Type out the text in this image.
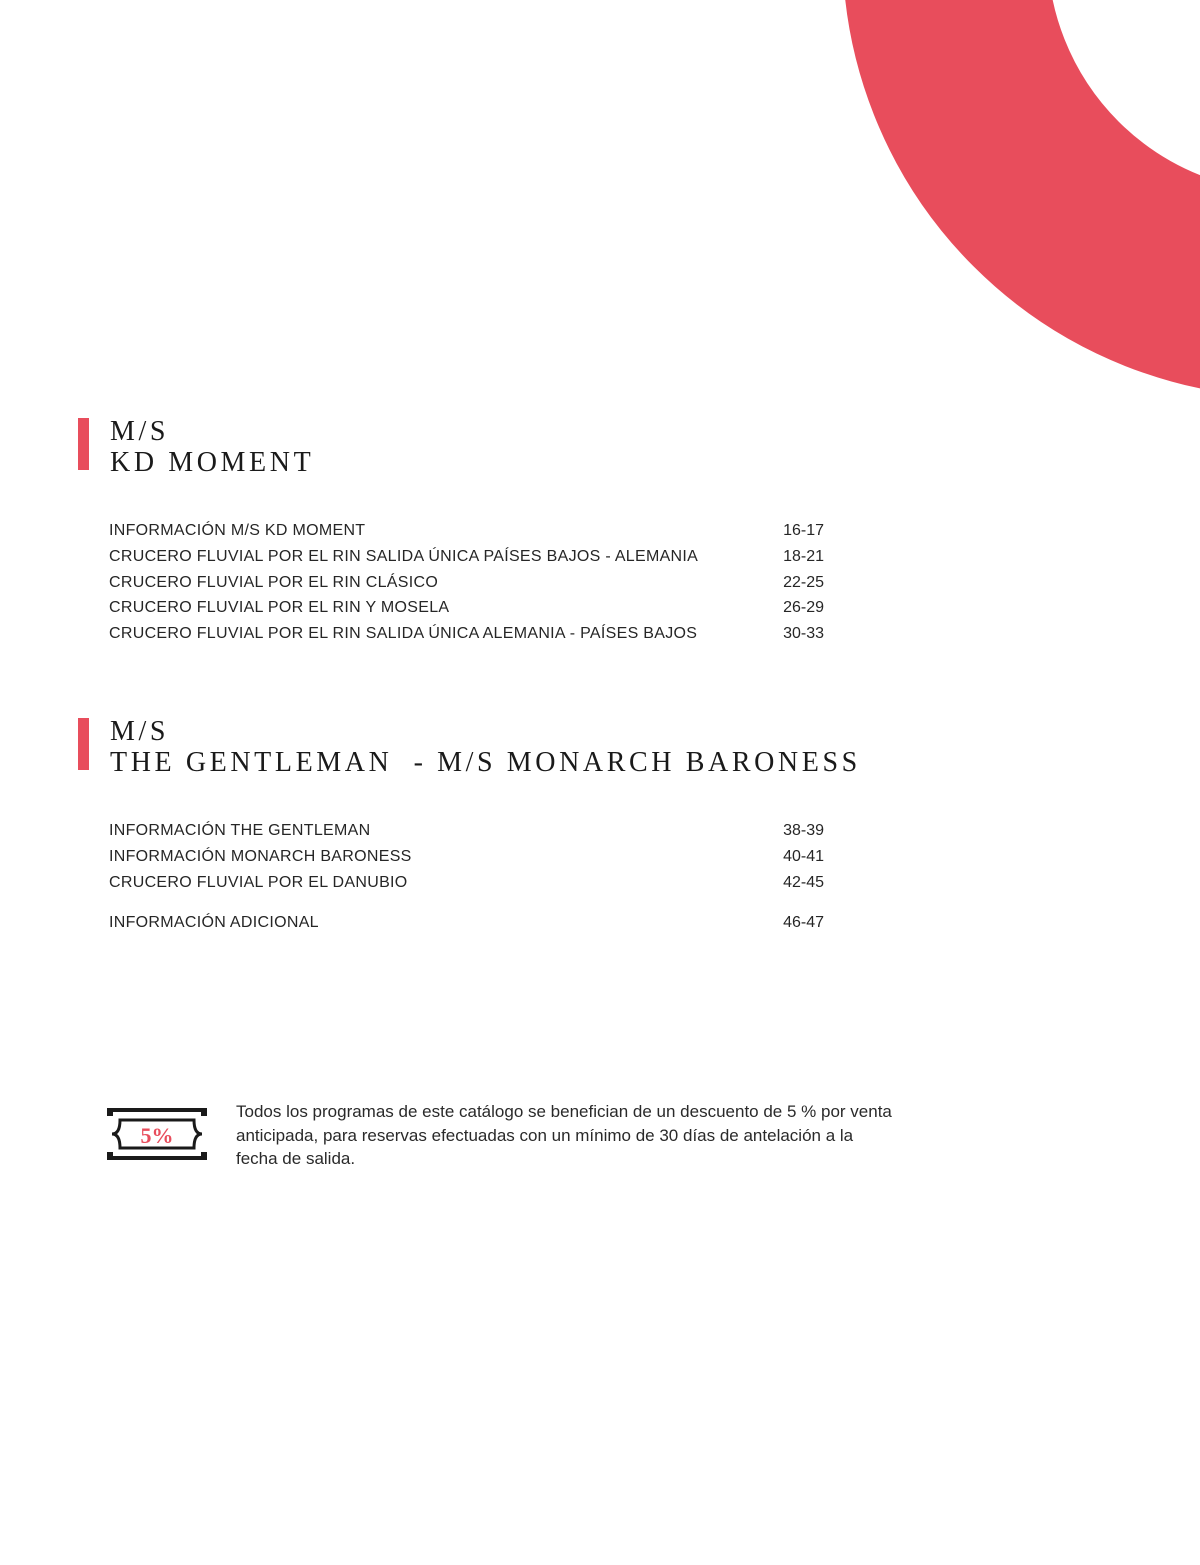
M/S
KD MOMENT
INFORMACIÓN M/S KD MOMENT	16-17
CRUCERO FLUVIAL POR EL RIN SALIDA ÚNICA PAÍSES BAJOS - ALEMANIA	18-21
CRUCERO FLUVIAL POR EL RIN CLÁSICO	22-25
CRUCERO FLUVIAL POR EL RIN Y MOSELA	26-29
CRUCERO FLUVIAL POR EL RIN SALIDA ÚNICA ALEMANIA - PAÍSES BAJOS	30-33
M/S
THE GENTLEMAN  - M/S MONARCH BARONESS
INFORMACIÓN THE GENTLEMAN	38-39
INFORMACIÓN MONARCH BARONESS	40-41
CRUCERO FLUVIAL POR EL DANUBIO	42-45
INFORMACIÓN ADICIONAL	46-47
5%

Todos los programas de este catálogo se benefician de un descuento de 5 % por venta anticipada, para reservas efectuadas con un mínimo de 30 días de antelación a la fecha de salida.
